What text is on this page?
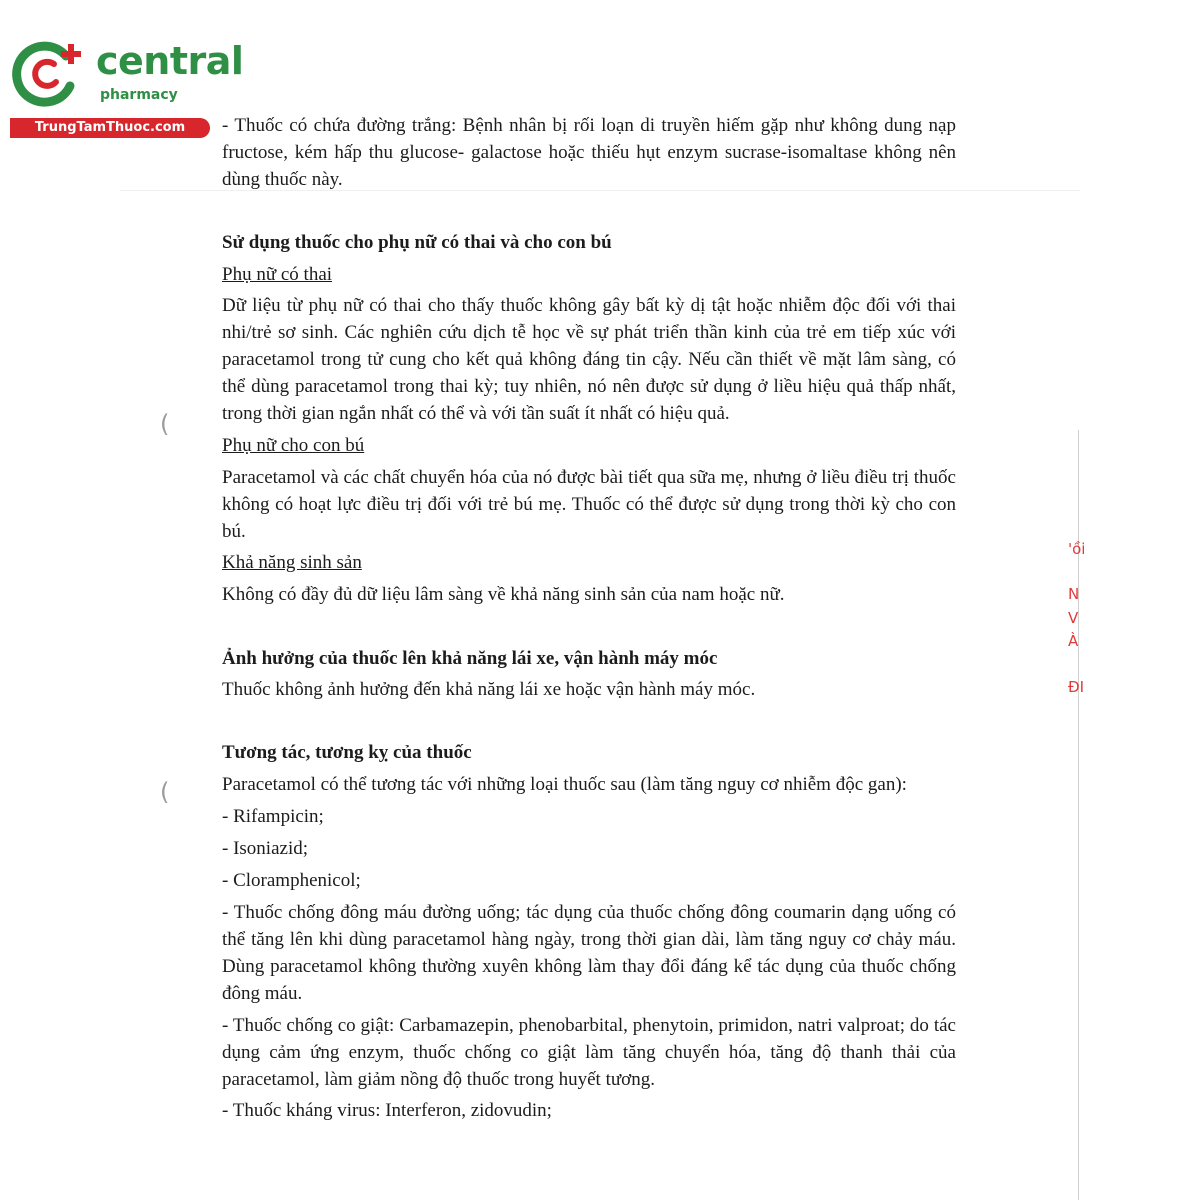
central
pharmacy
TrungTamThuoc.com	- Thuốc có chứa đường trắng: Bệnh nhân bị rối loạn di truyền hiếm gặp như không dung nạp fructose, kém hấp thu glucose- galactose hoặc thiếu hụt enzym sucrase-isomaltase không nên dùng thuốc này.

Sử dụng thuốc cho phụ nữ có thai và cho con bú

Phụ nữ có thai

Dữ liệu từ phụ nữ có thai cho thấy thuốc không gây bất kỳ dị tật hoặc nhiễm độc đối với thai nhi/trẻ sơ sinh. Các nghiên cứu dịch tễ học về sự phát triển thần kinh của trẻ em tiếp xúc với paracetamol trong tử cung cho kết quả không đáng tin cậy. Nếu cần thiết về mặt lâm sàng, có thể dùng paracetamol trong thai kỳ; tuy nhiên, nó nên được sử dụng ở liều hiệu quả thấp nhất, trong thời gian ngắn nhất có thể và với tần suất ít nhất có hiệu quả.

Phụ nữ cho con bú

Paracetamol và các chất chuyển hóa của nó được bài tiết qua sữa mẹ, nhưng ở liều điều trị thuốc không có hoạt lực điều trị đối với trẻ bú mẹ. Thuốc có thể được sử dụng trong thời kỳ cho con bú.

Khả năng sinh sản

Không có đầy đủ dữ liệu lâm sàng về khả năng sinh sản của nam hoặc nữ.

Ảnh hưởng của thuốc lên khả năng lái xe, vận hành máy móc

Thuốc không ảnh hưởng đến khả năng lái xe hoặc vận hành máy móc.

Tương tác, tương kỵ của thuốc

Paracetamol có thể tương tác với những loại thuốc sau (làm tăng nguy cơ nhiễm độc gan):

- Rifampicin;

- Isoniazid;

- Cloramphenicol;

- Thuốc chống đông máu đường uống; tác dụng của thuốc chống đông coumarin dạng uống có thể tăng lên khi dùng paracetamol hàng ngày, trong thời gian dài, làm tăng nguy cơ chảy máu. Dùng paracetamol không thường xuyên không làm thay đổi đáng kể tác dụng của thuốc chống đông máu.

- Thuốc chống co giật: Carbamazepin, phenobarbital, phenytoin, primidon, natri valproat; do tác dụng cảm ứng enzym, thuốc chống co giật làm tăng chuyển hóa, tăng độ thanh thải của paracetamol, làm giảm nồng độ thuốc trong huyết tương.

- Thuốc kháng virus: Interferon, zidovudin;

(
(
'ồi
N
V
À
ĐI
